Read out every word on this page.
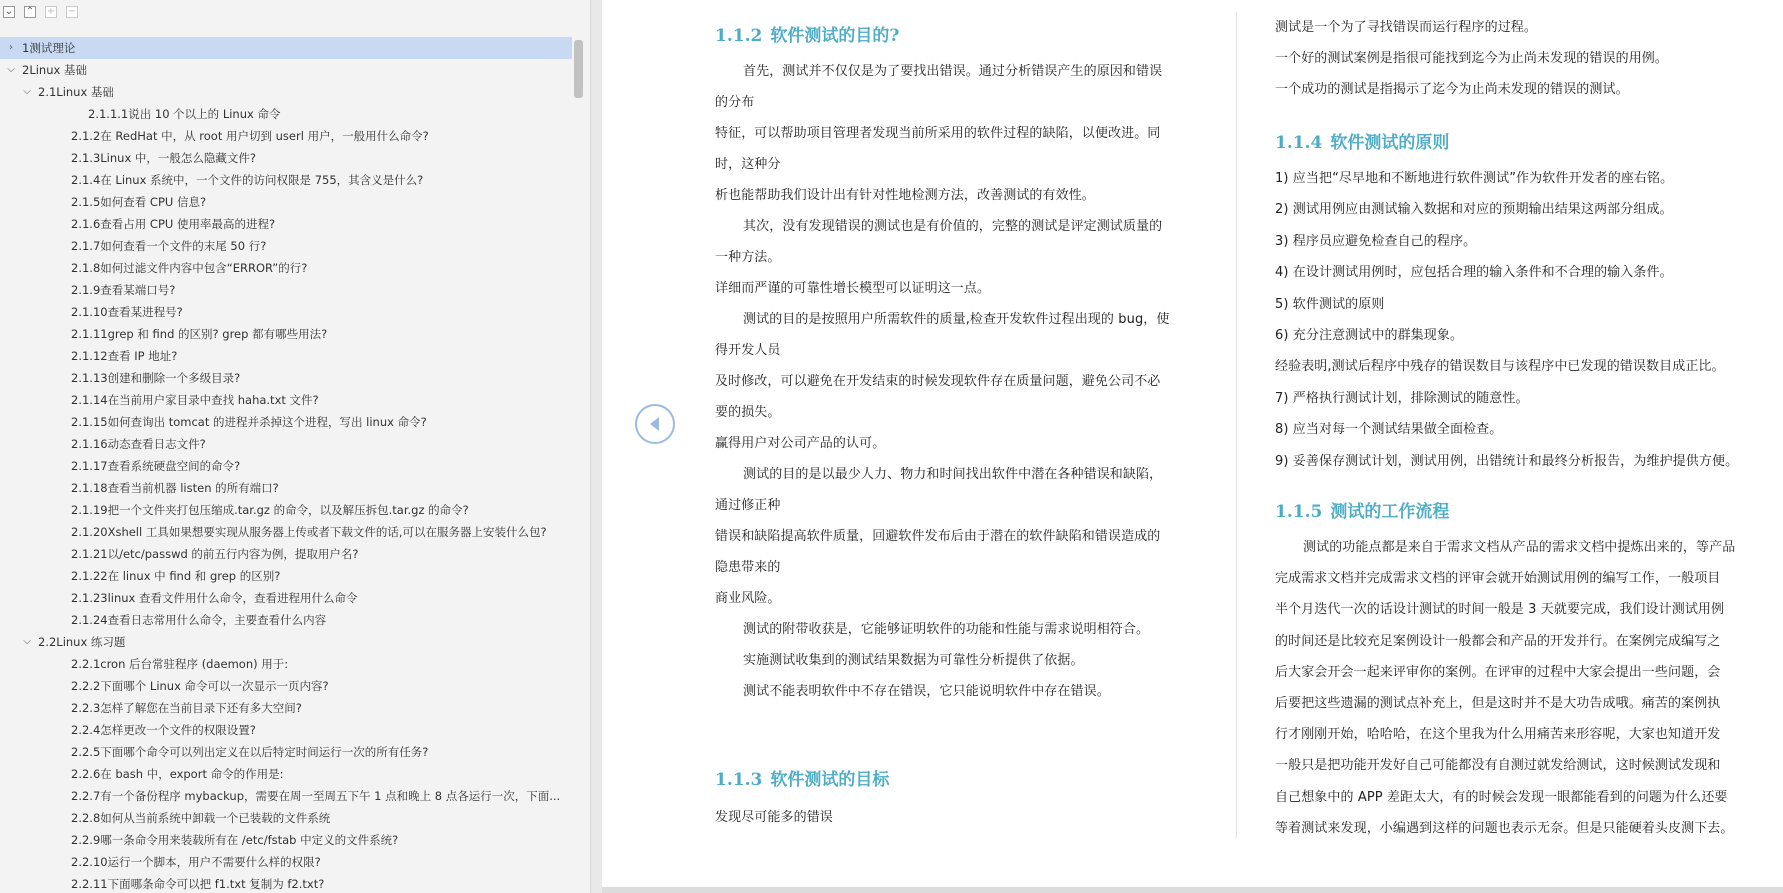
⌄ ⌃ + −
› 1测试理论
⌵ 2Linux 基础
⌵ 2.1Linux 基础
2.1.1.1说出 10 个以上的 Linux 命令
2.1.2在 RedHat 中，从 root 用户切到 userl 用户，一般用什么命令?
2.1.3Linux 中，一般怎么隐藏文件?
2.1.4在 Linux 系统中，一个文件的访问权限是 755，其含义是什么?
2.1.5如何查看 CPU 信息?
2.1.6查看占用 CPU 使用率最高的进程?
2.1.7如何查看一个文件的末尾 50 行?
2.1.8如何过滤文件内容中包含“ERROR”的行?
2.1.9查看某端口号?
2.1.10查看某进程号?
2.1.11grep 和 find 的区别? grep 都有哪些用法?
2.1.12查看 IP 地址?
2.1.13创建和删除一个多级目录?
2.1.14在当前用户家目录中查找 haha.txt 文件?
2.1.15如何查询出 tomcat 的进程并杀掉这个进程，写出 linux 命令?
2.1.16动态查看日志文件?
2.1.17查看系统硬盘空间的命令?
2.1.18查看当前机器 listen 的所有端口?
2.1.19把一个文件夹打包压缩成.tar.gz 的命令，以及解压拆包.tar.gz 的命令?
2.1.20Xshell 工具如果想要实现从服务器上传或者下载文件的话,可以在服务器上安装什么包?
2.1.21以/etc/passwd 的前五行内容为例，提取用户名?
2.1.22在 linux 中 find 和 grep 的区别?
2.1.23linux 查看文件用什么命令，查看进程用什么命令
2.1.24查看日志常用什么命令，主要查看什么内容
⌵ 2.2Linux 练习题
2.2.1cron 后台常驻程序 (daemon) 用于:
2.2.2下面哪个 Linux 命令可以一次显示一页内容?
2.2.3怎样了解您在当前目录下还有多大空间?
2.2.4怎样更改一个文件的权限设置?
2.2.5下面哪个命令可以列出定义在以后特定时间运行一次的所有任务?
2.2.6在 bash 中，export 命令的作用是:
2.2.7有一个备份程序 mybackup，需要在周一至周五下午 1 点和晚上 8 点各运行一次，下面...
2.2.8如何从当前系统中卸载一个已装载的文件系统
2.2.9哪一条命令用来装载所有在 /etc/fstab 中定义的文件系统?
2.2.10运行一个脚本，用户不需要什么样的权限?
2.2.11下面哪条命令可以把 f1.txt 复制为 f2.txt?
1.1.2 软件测试的目的?
首先，测试并不仅仅是为了要找出错误。通过分析错误产生的原因和错误
的分布
特征，可以帮助项目管理者发现当前所采用的软件过程的缺陷，以便改进。同
时，这种分
析也能帮助我们设计出有针对性地检测方法，改善测试的有效性。
其次，没有发现错误的测试也是有价值的，完整的测试是评定测试质量的
一种方法。
详细而严谨的可靠性增长模型可以证明这一点。
测试的目的是按照用户所需软件的质量,检查开发软件过程出现的 bug，使
得开发人员
及时修改，可以避免在开发结束的时候发现软件存在质量问题，避免公司不必
要的损失。
赢得用户对公司产品的认可。
测试的目的是以最少人力、物力和时间找出软件中潜在各种错误和缺陷，
通过修正种
错误和缺陷提高软件质量，回避软件发布后由于潜在的软件缺陷和错误造成的
隐患带来的
商业风险。
测试的附带收获是，它能够证明软件的功能和性能与需求说明相符合。
实施测试收集到的测试结果数据为可靠性分析提供了依据。
测试不能表明软件中不存在错误，它只能说明软件中存在错误。
1.1.3 软件测试的目标
发现尽可能多的错误
测试是一个为了寻找错误而运行程序的过程。
一个好的测试案例是指很可能找到迄今为止尚未发现的错误的用例。
一个成功的测试是指揭示了迄今为止尚未发现的错误的测试。
1.1.4 软件测试的原则
1) 应当把“尽早地和不断地进行软件测试”作为软件开发者的座右铭。
2) 测试用例应由测试输入数据和对应的预期输出结果这两部分组成。
3) 程序员应避免检查自己的程序。
4) 在设计测试用例时，应包括合理的输入条件和不合理的输入条件。
5) 软件测试的原则
6) 充分注意测试中的群集现象。
经验表明,测试后程序中残存的错误数目与该程序中已发现的错误数目成正比。
7) 严格执行测试计划，排除测试的随意性。
8) 应当对每一个测试结果做全面检查。
9) 妥善保存测试计划，测试用例，出错统计和最终分析报告，为维护提供方便。
1.1.5 测试的工作流程
测试的功能点都是来自于需求文档从产品的需求文档中提炼出来的，等产品
完成需求文档并完成需求文档的评审会就开始测试用例的编写工作，一般项目
半个月迭代一次的话设计测试的时间一般是 3 天就要完成，我们设计测试用例
的时间还是比较充足案例设计一般都会和产品的开发并行。在案例完成编写之
后大家会开会一起来评审你的案例。在评审的过程中大家会提出一些问题，会
后要把这些遗漏的测试点补充上，但是这时并不是大功告成哦。痛苦的案例执
行才刚刚开始，哈哈哈，在这个里我为什么用痛苦来形容呢，大家也知道开发
一般只是把功能开发好自己可能都没有自测过就发给测试，这时候测试发现和
自己想象中的 APP 差距太大，有的时候会发现一眼都能看到的问题为什么还要
等着测试来发现，小编遇到这样的问题也表示无奈。但是只能硬着头皮测下去。
